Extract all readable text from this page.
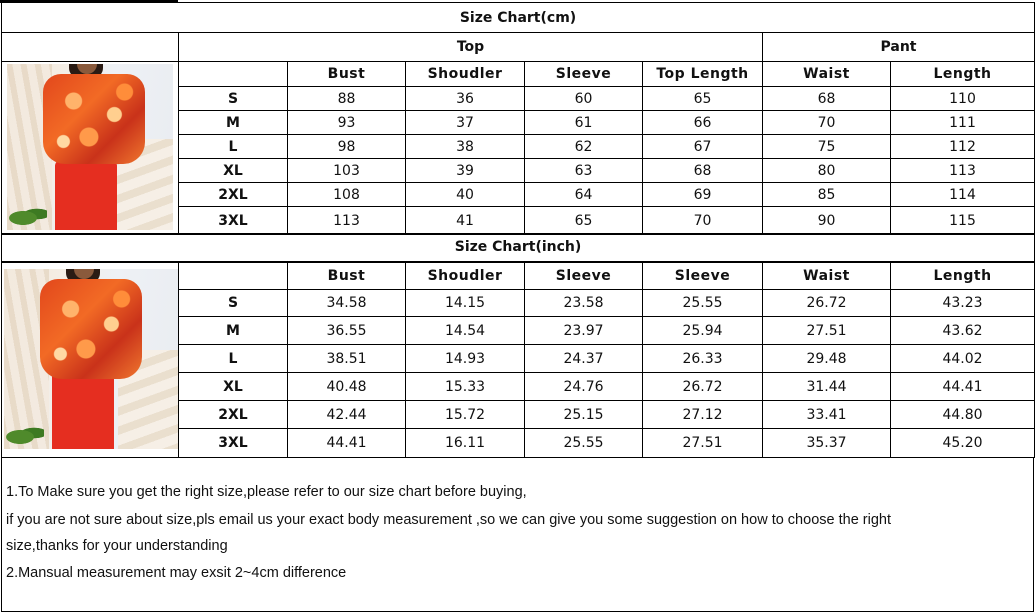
Size Chart(cm)							
	Top					Pant	

		Bust	Shoudler	Sleeve	Top Length	Waist	Length
	S	88	36	60	65	68	110
	M	93	37	61	66	70	111
	L	98	38	62	67	75	112
	XL	103	39	63	68	80	113
	2XL	108	40	64	69	85	114
	3XL	113	41	65	70	90	115
Size Chart(inch)							

		Bust	Shoudler	Sleeve	Sleeve	Waist	Length
	S	34.58	14.15	23.58	25.55	26.72	43.23
	M	36.55	14.54	23.97	25.94	27.51	43.62
	L	38.51	14.93	24.37	26.33	29.48	44.02
	XL	40.48	15.33	24.76	26.72	31.44	44.41
	2XL	42.44	15.72	25.15	27.12	33.41	44.80
	3XL	44.41	16.11	25.55	27.51	35.37	45.20

1.To Make sure you get the right size,please refer to our size chart before buying,

if you are not sure about size,pls email us your exact body measurement ,so we can give you some suggestion on how to choose the right

size,thanks for your understanding

2.Mansual measurement may exsit 2~4cm difference
